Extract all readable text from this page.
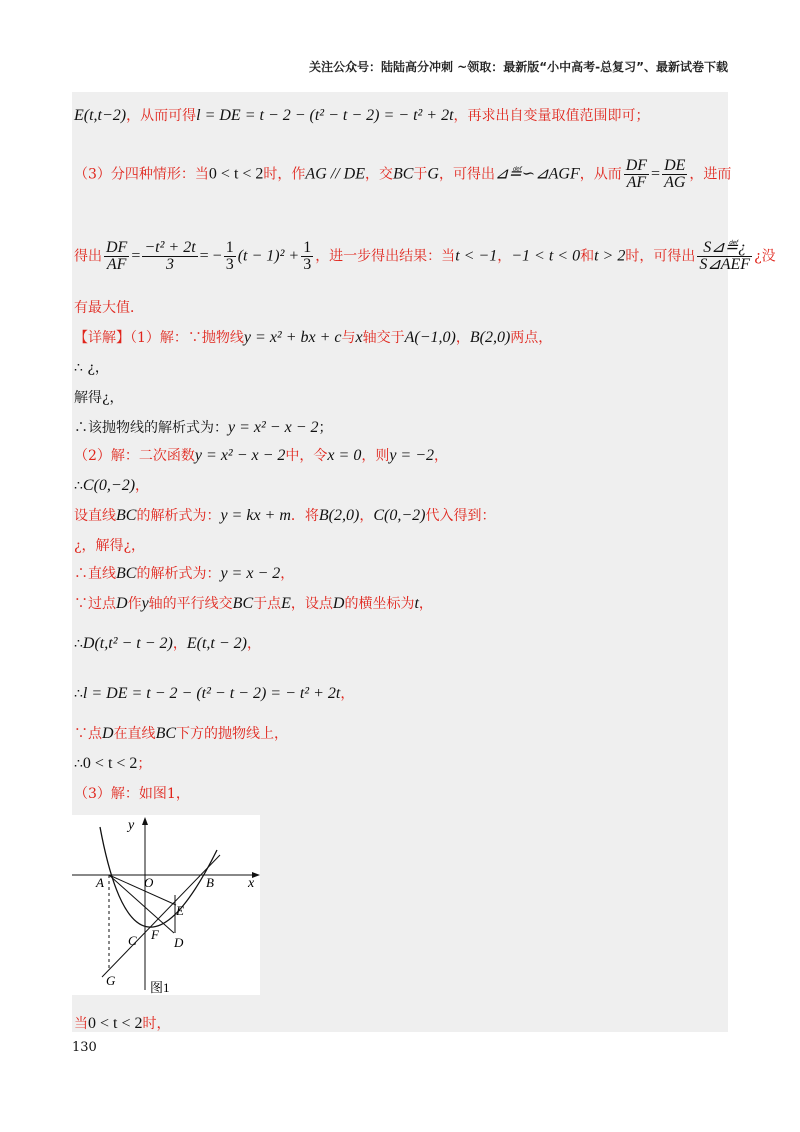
关注公众号：陆陆高分冲刺 ~领取：最新版“小中高考-总复习”、最新试卷下载
E(t,t−2)，从而可得l = DE = t − 2 − (t² − t − 2) = − t² + 2t，再求出自变量取值范围即可；
（3）分四种情形：当0 < t < 2时，作AG // DE，交BC于G，可得出⊿≝∽⊿AGF，从而 $\frac{DF}{AF} = \frac{DE}{AG}$ ，进而
得出 $\frac{DF}{AF} = \frac{\text{−t² + 2t}}{3}$ = − $\frac{1}{3} (t - 1)^2 + \frac{1}{3}$ ，进一步得出结果：当t < −1，−1 < t < 0和t > 2时，可得出 $\frac{S⊿≝¿}{\text{S⊿AEF}}$ ¿没
有最大值．
【详解】（1）解：∵抛物线y = x² + bx + c与x轴交于A(−1,0)，B(2,0)两点，
∴ ¿，
解得¿，
∴该抛物线的解析式为：y = x² − x − 2；
（2）解：二次函数y = x² − x − 2中，令x = 0，则y = −2，
∴C(0,−2)，
设直线BC的解析式为：y = kx + m．将B(2,0)，C(0,−2)代入得到：
¿，解得¿，
∴直线BC的解析式为：y = x − 2，
∵过点D作y轴的平行线交BC于点E，设点D的横坐标为t，
∴D(t,t² − t − 2)，E(t,t − 2)，
∴l = DE = t − 2 − (t² − t − 2) = − t² + 2t，
∵点D在直线BC下方的抛物线上，
∴0 < t < 2；
（3）解：如图1，
y
x
A	O	B
E
C F
D
G	图1
当0 < t < 2时，
130
